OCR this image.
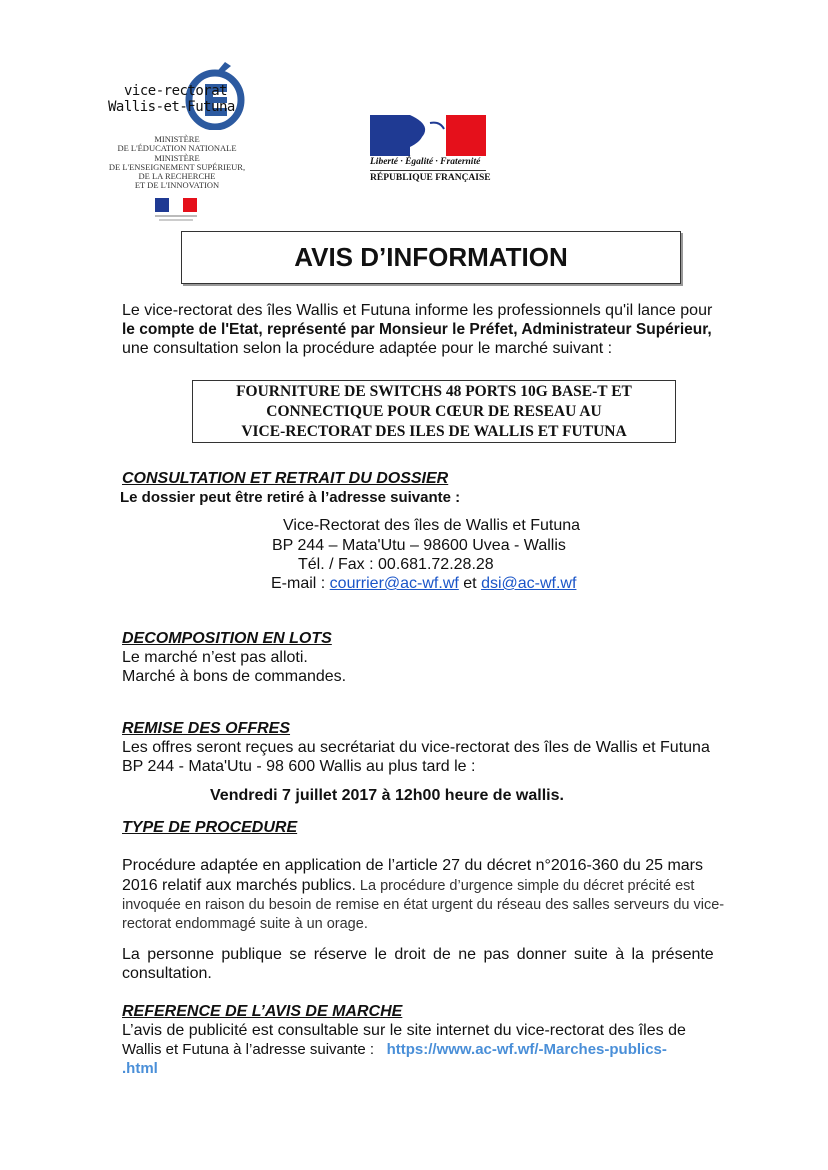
vice-rectorat
Wallis-et-Futuna
MINISTÈRE
DE L'ÉDUCATION NATIONALE
MINISTÈRE
DE L'ENSEIGNEMENT SUPÉRIEUR,
DE LA RECHERCHE
ET DE L'INNOVATION
Liberté · Égalité · Fraternité
RÉPUBLIQUE FRANÇAISE
AVIS D’INFORMATION
Le vice-rectorat des îles Wallis et Futuna informe les professionnels qu'il lance pour
le compte de l'Etat, représenté par Monsieur le Préfet, Administrateur Supérieur,
une consultation selon la procédure adaptée pour le marché suivant :
FOURNITURE DE SWITCHS 48 PORTS 10G BASE-T ET
CONNECTIQUE POUR CŒUR DE RESEAU AU
VICE-RECTORAT DES ILES DE WALLIS ET FUTUNA
CONSULTATION ET RETRAIT DU DOSSIER
Le dossier peut être retiré à l’adresse suivante :
Vice-Rectorat des îles de Wallis et Futuna
BP 244 – Mata'Utu – 98600 Uvea - Wallis
Tél. / Fax : 00.681.72.28.28
E-mail : courrier@ac-wf.wf et dsi@ac-wf.wf
DECOMPOSITION EN LOTS
Le marché n’est pas alloti.
Marché à bons de commandes.
REMISE DES OFFRES
Les offres seront reçues au secrétariat du vice-rectorat des îles de Wallis et Futuna
BP 244 - Mata'Utu - 98 600 Wallis au plus tard le :
Vendredi 7 juillet 2017 à 12h00 heure de wallis.
TYPE DE PROCEDURE
Procédure adaptée en application de l’article 27 du décret n°2016-360 du 25 mars
2016 relatif aux marchés publics. La procédure d’urgence simple du décret précité est
invoquée en raison du besoin de remise en état urgent du réseau des salles serveurs du vice-
rectorat endommagé suite à un orage.
La personne publique se réserve le droit de ne pas donner suite à la présente
consultation.
REFERENCE DE L’AVIS DE MARCHE
L’avis de publicité est consultable sur le site internet du vice-rectorat des îles de
Wallis et Futuna à l’adresse suivante : https://www.ac-wf.wf/-Marches-publics-
.html
